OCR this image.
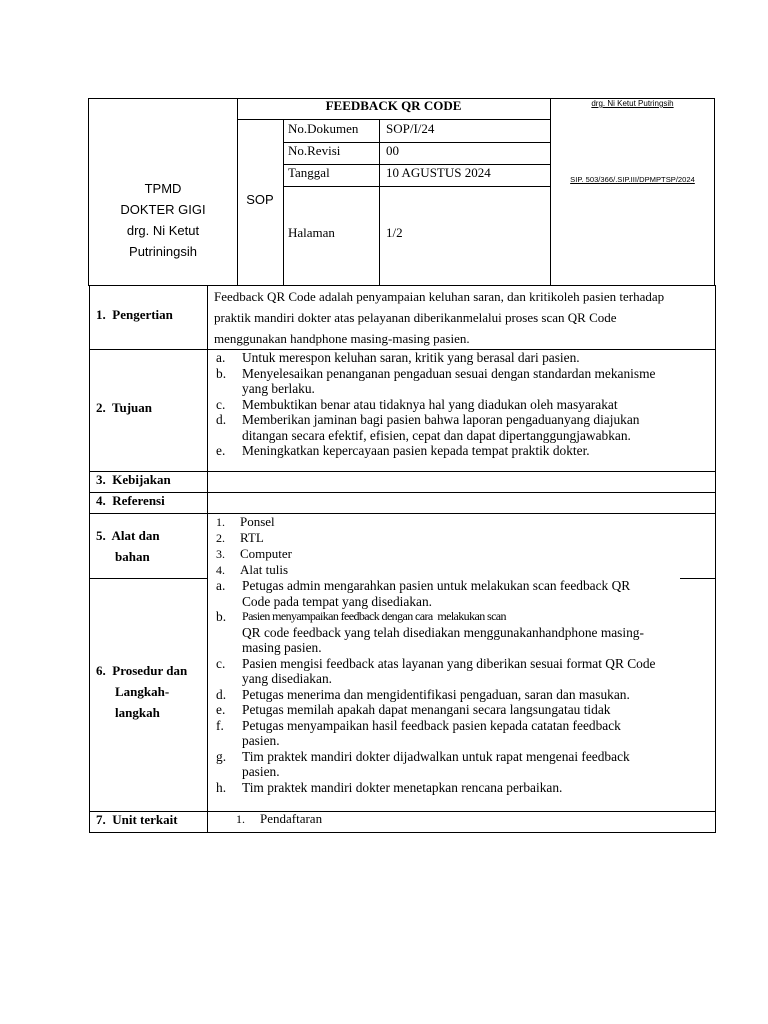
TPMD
DOKTER GIGI
drg. Ni Ketut
Putriningsih
FEEDBACK QR CODE
SOP
No.Dokumen SOP/I/24
No.Revisi	00
Tanggal	10 AGUSTUS 2024
Halaman	1/2
drg. Ni Ketut Putringsih
SIP. 503/366/.SIP.III/DPMPTSP/2024
1.  Pengertian
Feedback QR Code adalah penyampaian keluhan saran, dan kritikoleh pasien terhadap
praktik mandiri dokter atas pelayanan diberikanmelalui proses scan QR Code
menggunakan handphone masing-masing pasien.
2.  Tujuan
a. Untuk merespon keluhan saran, kritik yang berasal dari pasien.
b. Menyelesaikan penanganan pengaduan sesuai dengan standardan mekanisme
yang berlaku.
c. Membuktikan benar atau tidaknya hal yang diadukan oleh masyarakat
d. Memberikan jaminan bagi pasien bahwa laporan pengaduanyang diajukan
ditangan secara efektif, efisien, cepat dan dapat dipertanggungjawabkan.
e. Meningkatkan kepercayaan pasien kepada tempat praktik dokter.
3.  Kebijakan
4.  Referensi
5.  Alat dan
bahan
1. Ponsel
2. RTL
3. Computer
4. Alat tulis
6.  Prosedur dan
Langkah-
langkah
a. Petugas admin mengarahkan pasien untuk melakukan scan feedback QR
Code pada tempat yang disediakan.
b. Pasien menyampaikan feedback dengan cara  melakukan scan
QR code feedback yang telah disediakan menggunakanhandphone masing-
masing pasien.
c. Pasien mengisi feedback atas layanan yang diberikan sesuai format QR Code
yang disediakan.
d. Petugas menerima dan mengidentifikasi pengaduan, saran dan masukan.
e. Petugas memilah apakah dapat menangani secara langsungatau tidak
f. Petugas menyampaikan hasil feedback pasien kepada catatan feedback
pasien.
g. Tim praktek mandiri dokter dijadwalkan untuk rapat mengenai feedback
pasien.
h. Tim praktek mandiri dokter menetapkan rencana perbaikan.
7.  Unit terkait	1. Pendaftaran
